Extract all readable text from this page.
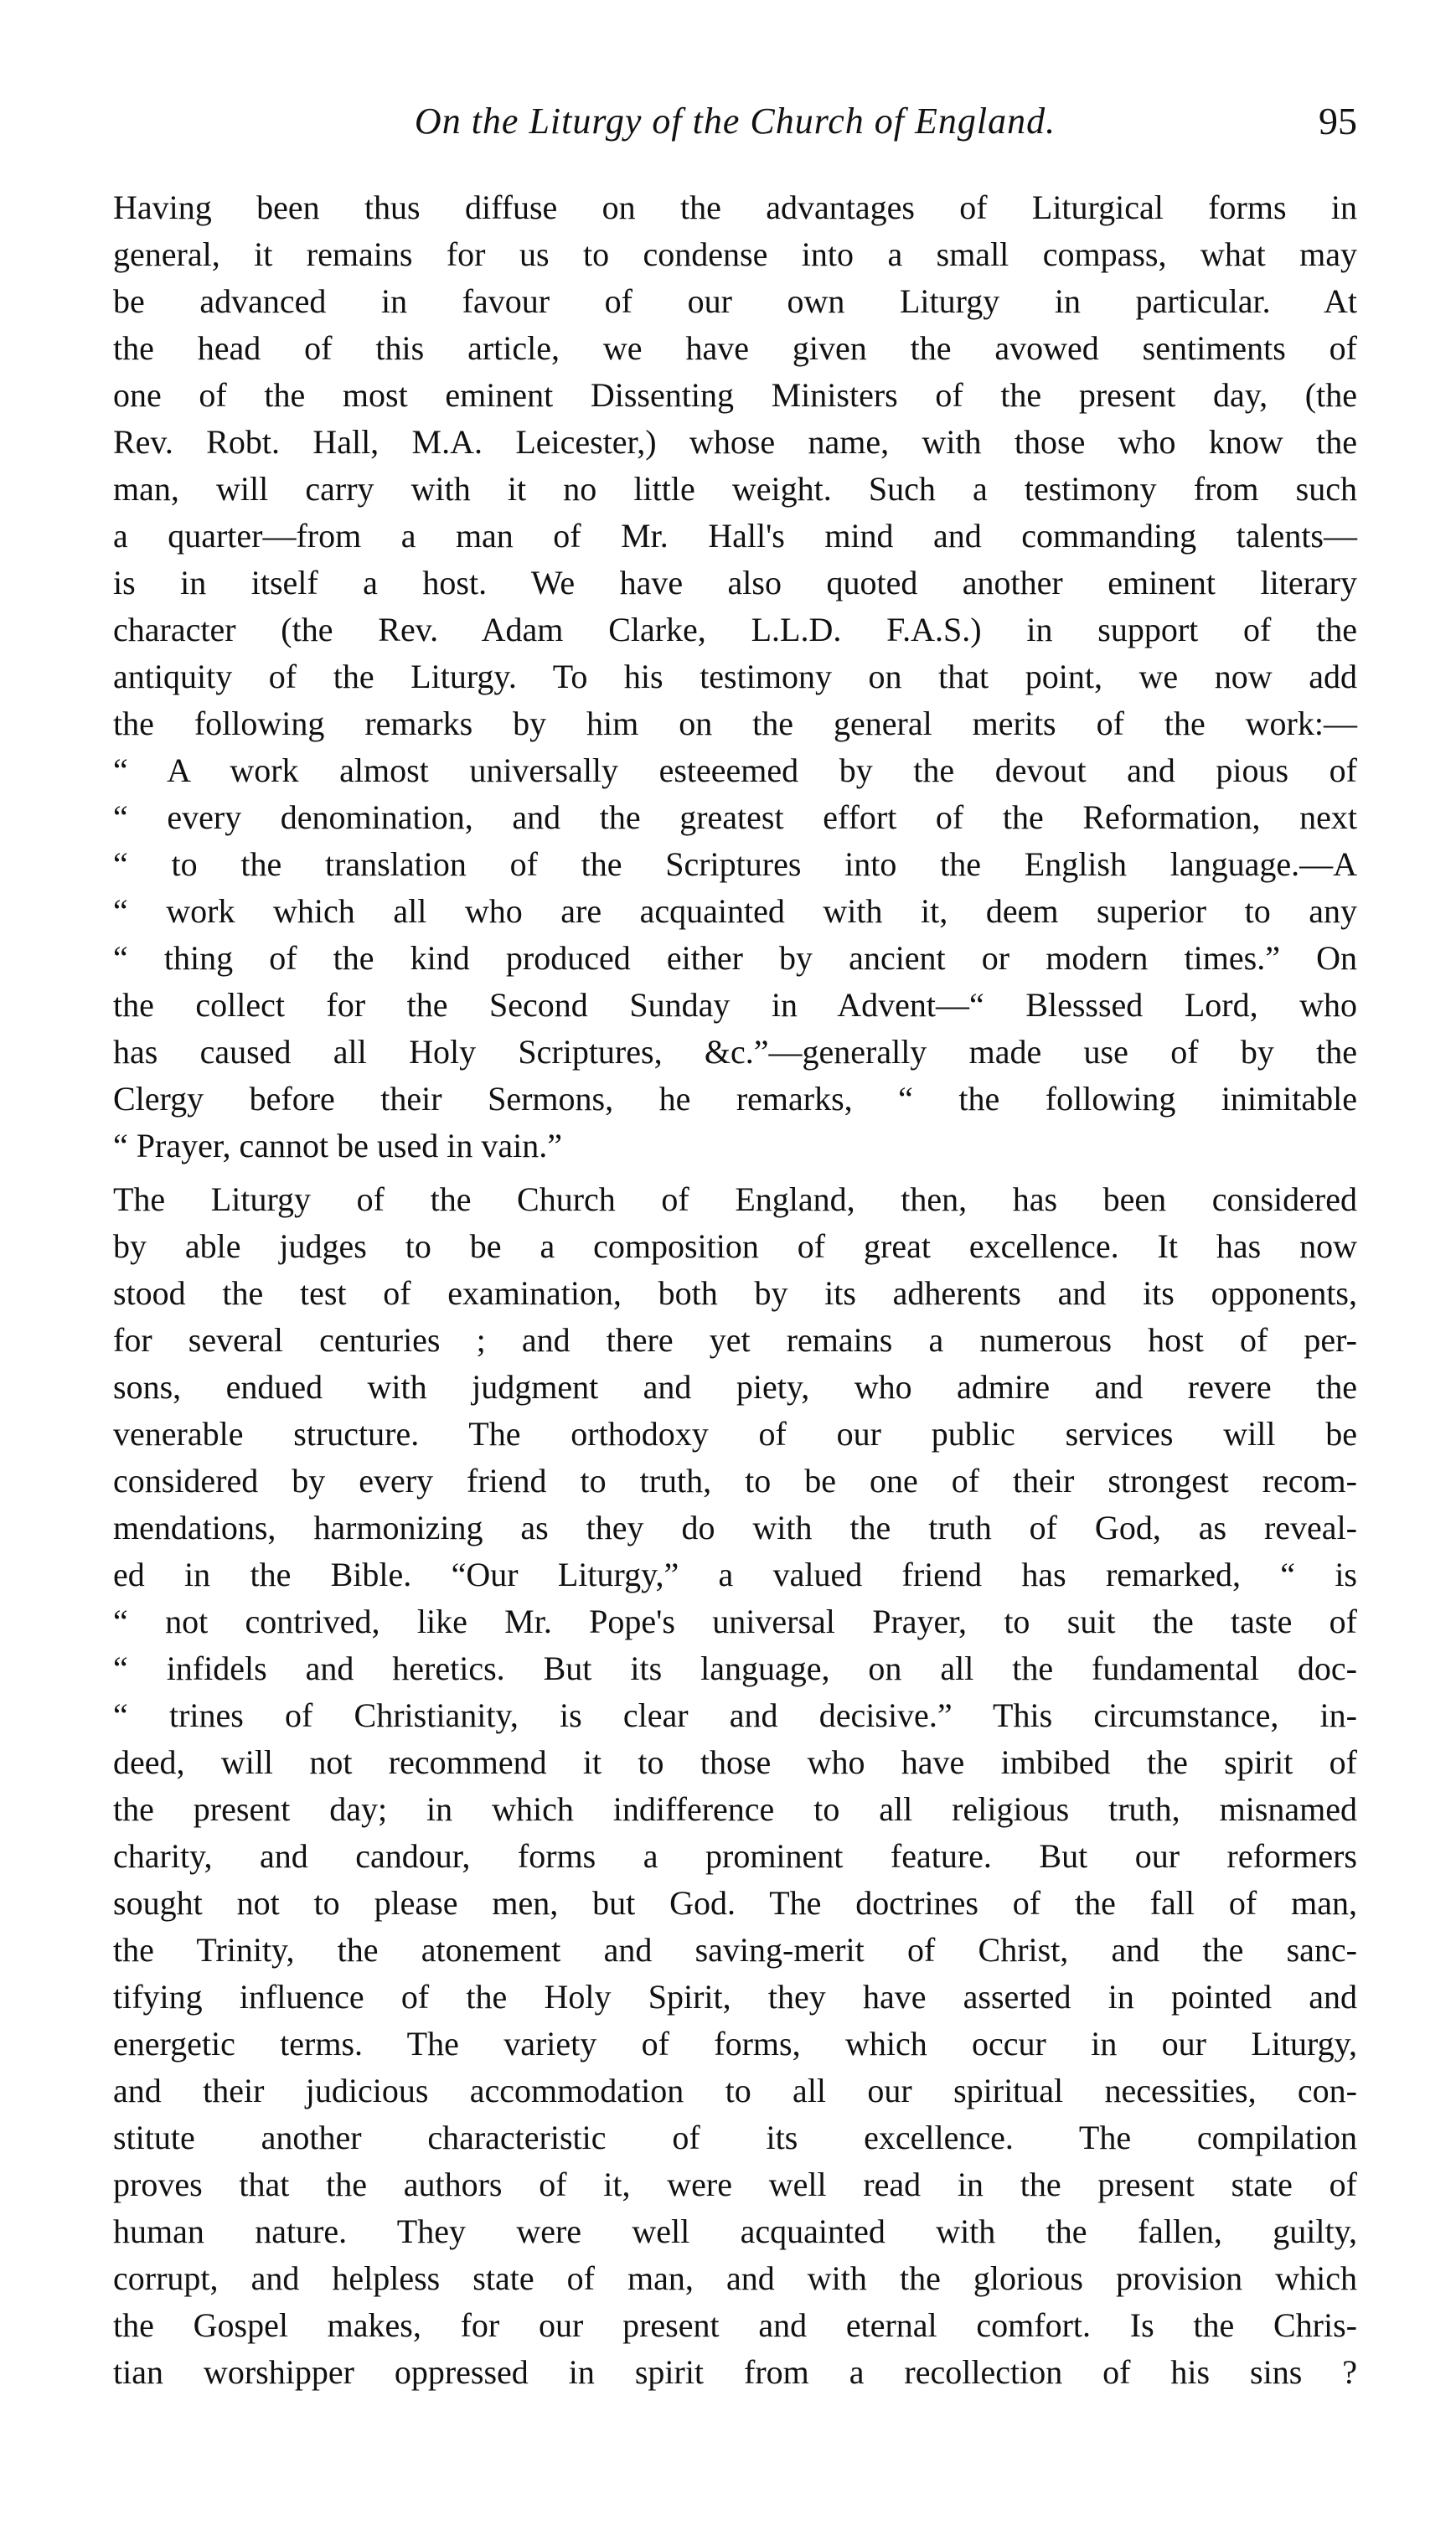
On the Liturgy of the Church of England.	95
Having been thus diffuse on the advantages of Liturgical forms in
general, it remains for us to condense into a small compass, what may
be advanced in favour of our own Liturgy in particular. At
the head of this article, we have given the avowed sentiments of
one of the most eminent Dissenting Ministers of the present day, (the
Rev. Robt. Hall, M.A. Leicester,) whose name, with those who know the
man, will carry with it no little weight. Such a testimony from such
a quarter—from a man of Mr. Hall's mind and commanding talents—
is in itself a host. We have also quoted another eminent literary
character (the Rev. Adam Clarke, L.L.D. F.A.S.) in support of the
antiquity of the Liturgy. To his testimony on that point, we now add
the following remarks by him on the general merits of the work:—
“ A work almost universally esteeemed by the devout and pious of
“ every denomination, and the greatest effort of the Reformation, next
“ to the translation of the Scriptures into the English language.—A
“ work which all who are acquainted with it, deem superior to any
“ thing of the kind produced either by ancient or modern times.” On
the collect for the Second Sunday in Advent—“ Blesssed Lord, who
has caused all Holy Scriptures, &c.”—generally made use of by the
Clergy before their Sermons, he remarks, “ the following inimitable
“ Prayer, cannot be used in vain.”
The Liturgy of the Church of England, then, has been considered
by able judges to be a composition of great excellence. It has now
stood the test of examination, both by its adherents and its opponents,
for several centuries ; and there yet remains a numerous host of per-
sons, endued with judgment and piety, who admire and revere the
venerable structure. The orthodoxy of our public services will be
considered by every friend to truth, to be one of their strongest recom-
mendations, harmonizing as they do with the truth of God, as reveal-
ed in the Bible. “Our Liturgy,” a valued friend has remarked, “ is
“ not contrived, like Mr. Pope's universal Prayer, to suit the taste of
“ infidels and heretics. But its language, on all the fundamental doc-
“ trines of Christianity, is clear and decisive.” This circumstance, in-
deed, will not recommend it to those who have imbibed the spirit of
the present day; in which indifference to all religious truth, misnamed
charity, and candour, forms a prominent feature. But our reformers
sought not to please men, but God. The doctrines of the fall of man,
the Trinity, the atonement and saving-merit of Christ, and the sanc-
tifying influence of the Holy Spirit, they have asserted in pointed and
energetic terms. The variety of forms, which occur in our Liturgy,
and their judicious accommodation to all our spiritual necessities, con-
stitute another characteristic of its excellence. The compilation
proves that the authors of it, were well read in the present state of
human nature. They were well acquainted with the fallen, guilty,
corrupt, and helpless state of man, and with the glorious provision which
the Gospel makes, for our present and eternal comfort. Is the Chris-
tian worshipper oppressed in spirit from a recollection of his sins ?
